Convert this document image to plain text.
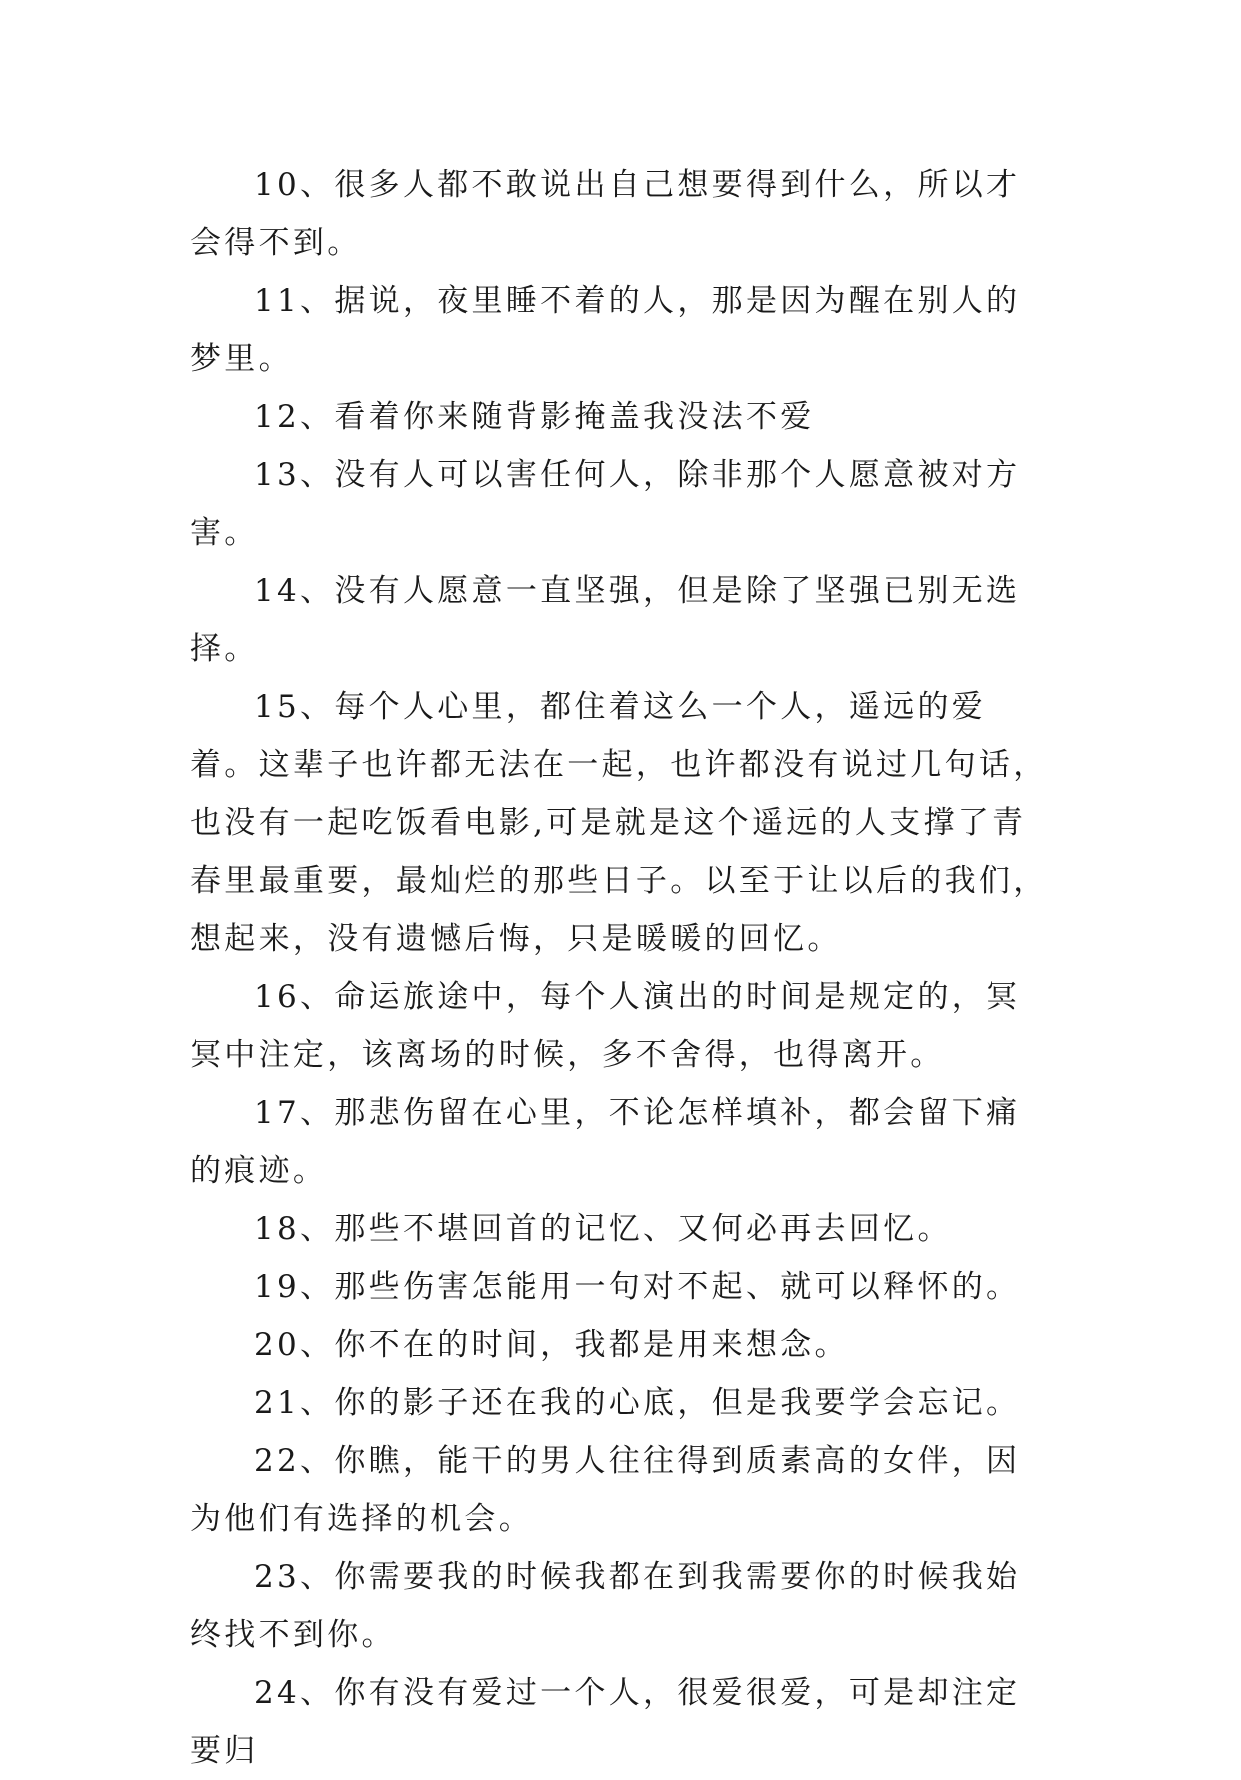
10、很多人都不敢说出自己想要得到什么，所以才会得不到。

11、据说，夜里睡不着的人，那是因为醒在别人的梦里。

12、看着你来随背影掩盖我没法不爱

13、没有人可以害任何人，除非那个人愿意被对方害。

14、没有人愿意一直坚强，但是除了坚强已别无选择。

15、每个人心里，都住着这么一个人，遥远的爱着。这辈子也许都无法在一起，也许都没有说过几句话，也没有一起吃饭看电影,可是就是这个遥远的人支撑了青春里最重要，最灿烂的那些日子。以至于让以后的我们，想起来，没有遗憾后悔，只是暖暖的回忆。

16、命运旅途中，每个人演出的时间是规定的，冥冥中注定，该离场的时候，多不舍得，也得离开。

17、那悲伤留在心里，不论怎样填补，都会留下痛的痕迹。

18、那些不堪回首的记忆、又何必再去回忆。

19、那些伤害怎能用一句对不起、就可以释怀的。

20、你不在的时间，我都是用来想念。

21、你的影子还在我的心底，但是我要学会忘记。

22、你瞧，能干的男人往往得到质素高的女伴，因为他们有选择的机会。

23、你需要我的时候我都在到我需要你的时候我始终找不到你。

24、你有没有爱过一个人，很爱很爱，可是却注定要归
